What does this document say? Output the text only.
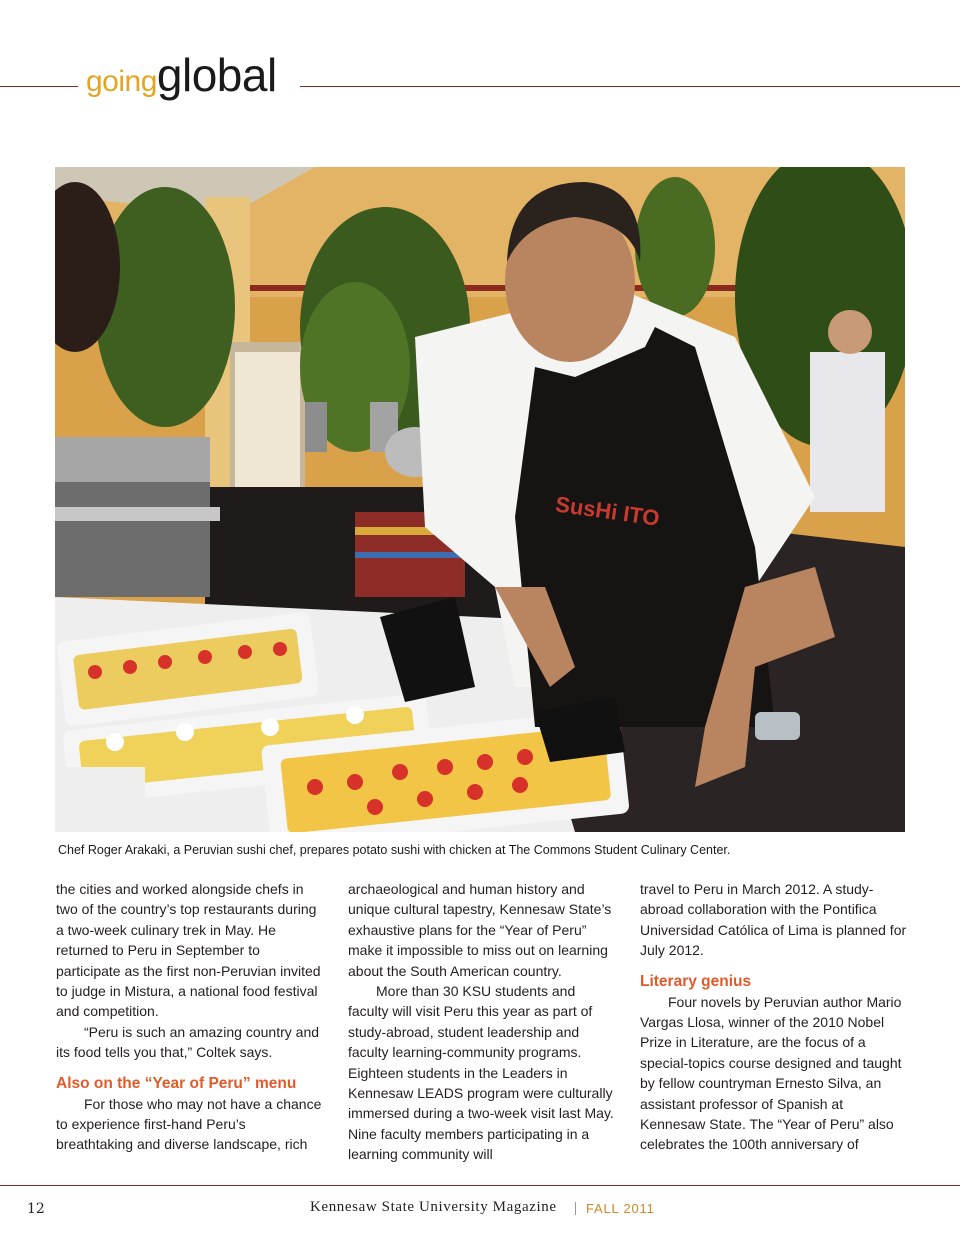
goingglobal
SusHi ITO
Chef Roger Arakaki, a Peruvian sushi chef, prepares potato sushi with chicken at The Commons Student Culinary Center.

the cities and worked alongside chefs in two of the country’s top restaurants during a two-week culinary trek in May. He returned to Peru in September to participate as the first non-Peruvian invited to judge in Mistura, a national food festival and competition.

“Peru is such an amazing country and its food tells you that,” Coltek says.

Also on the “Year of Peru” menu

For those who may not have a chance to experience first-hand Peru’s breathtaking and diverse landscape, rich

archaeological and human history and unique cultural tapestry, Kennesaw State’s exhaustive plans for the “Year of Peru” make it impossible to miss out on learning about the South American country.

More than 30 KSU students and faculty will visit Peru this year as part of study-abroad, student leadership and faculty learning-community programs. Eighteen students in the Leaders in Kennesaw LEADS program were culturally immersed during a two-week visit last May. Nine faculty members participating in a learning community will

travel to Peru in March 2012. A study-abroad collaboration with the Pontifica Universidad Católica of Lima is planned for July 2012.

Literary genius

Four novels by Peruvian author Mario Vargas Llosa, winner of the 2010 Nobel Prize in Literature, are the focus of a special-topics course designed and taught by fellow countryman Ernesto Silva, an assistant professor of Spanish at Kennesaw State. The “Year of Peru” also celebrates the 100th anniversary of

12	Kennesaw State University Magazine FALL 2011
